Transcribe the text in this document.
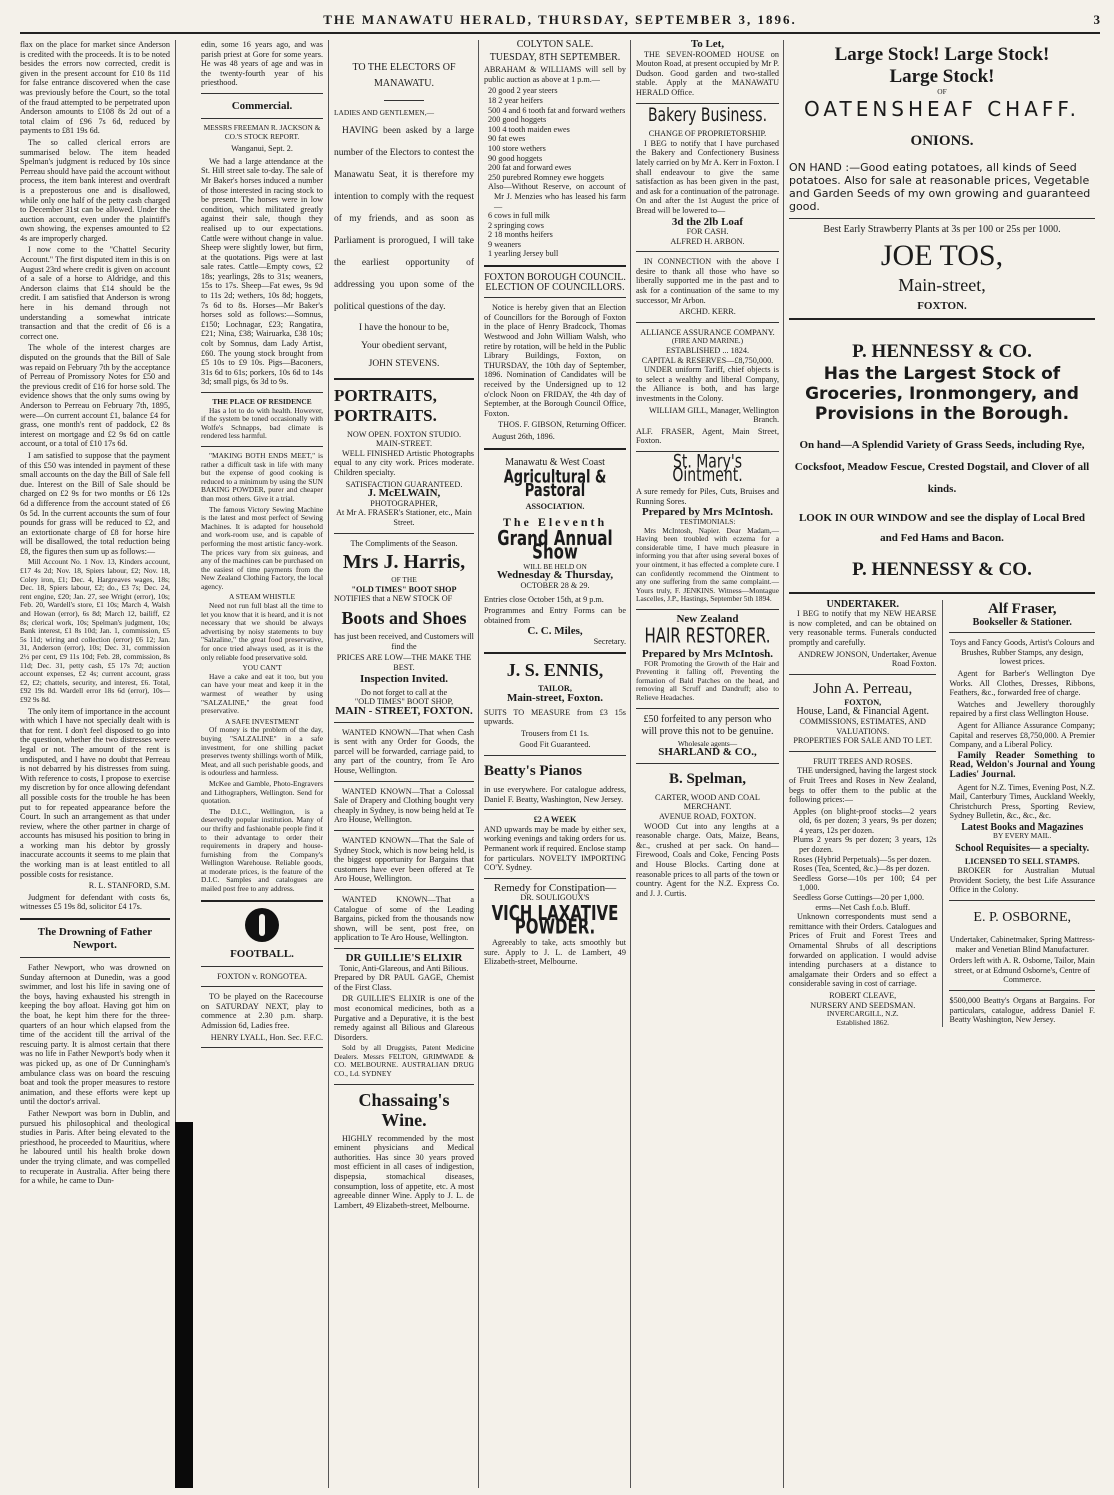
THE MANAWATU HERALD, THURSDAY, SEPTEMBER 3, 1896.	3

flax on the place for market since Anderson is credited with the proceeds. It is to be noted besides the errors now corrected, credit is given in the present account for £10 8s 11d for false entrance discovered when the case was previously before the Court, so the total of the fraud attempted to be perpetrated upon Anderson amounts to £108 8s 2d out of a total claim of £96 7s 6d, reduced by payments to £81 19s 6d.

The so called clerical errors are summarised below. The item headed Spelman's judgment is reduced by 10s since Perreau should have paid the account without process, the item bank interest and overdraft is a preposterous one and is disallowed, while only one half of the petty cash charged to December 31st can be allowed. Under the auction account, even under the plaintiff's own showing, the expenses amounted to £2 4s are improperly charged.

I now come to the "Chattel Security Account." The first disputed item in this is on August 23rd where credit is given on account of a sale of a horse to Aldridge, and this Anderson claims that £14 should be the credit. I am satisfied that Anderson is wrong here in his demand through not understanding a somewhat intricate transaction and that the credit of £6 is a correct one.

The whole of the interest charges are disputed on the grounds that the Bill of Sale was repaid on February 7th by the acceptance of Perreau of Promissory Notes for £50 and the previous credit of £16 for horse sold. The evidence shows that the only sums owing by Anderson to Perreau on February 7th, 1895, were—On current account £1, balance £4 for grass, one month's rent of paddock, £2 8s interest on mortgage and £2 9s 6d on cattle account, or a total of £10 17s 6d.

I am satisfied to suppose that the payment of this £50 was intended in payment of these small accounts on the day the Bill of Sale fell due. Interest on the Bill of Sale should be charged on £2 9s for two months or £6 12s 6d a difference from the account stated of £6 0s 5d. In the current accounts the sum of four pounds for grass will be reduced to £2, and an extortionate charge of £8 for horse hire will be disallowed, the total reduction being £8, the figures then sum up as follows:—

Mill Account No. 1 Nov. 13, Kinders account, £17 4s 2d; Nov. 18, Spiers labour, £2; Nov. 18, Coley iron, £1; Dec. 4, Hargreaves wages, 18s; Dec. 18, Spiers labour, £2; do., £3 7s; Dec. 24, rent engine, £20; Jan. 27, see Wright (error), 10s; Feb. 20, Wardell's store, £1 10s; March 4, Walsh and Howan (error), 6s 8d; March 12, bailiff, £2 8s; clerical work, 10s; Spelman's judgment, 10s; Bank interest, £1 8s 10d; Jan. 1, commission, £5 5s 11d; wiring and collection (error) £6 12; Jan. 31, Anderson (error), 10s; Dec. 31, commission 2½ per cent, £9 11s 10d; Feb. 28, commission, 8s 11d; Dec. 31, petty cash, £5 17s 7d; auction account expenses, £2 4s; current account, grass £2, £2; chattels, security, and interest, £6. Total, £92 19s 8d. Wardell error 18s 6d (error), 10s—£92 9s 8d.

The only item of importance in the account with which I have not specially dealt with is that for rent. I don't feel disposed to go into the question, whether the two distresses were legal or not. The amount of the rent is undisputed, and I have no doubt that Perreau is not debarred by his distresses from suing. With reference to costs, I propose to exercise my discretion by for once allowing defendant all possible costs for the trouble he has been put to for repeated appearance before the Court. In such an arrangement as that under review, where the other partner in charge of accounts has misused his position to bring in a working man his debtor by grossly inaccurate accounts it seems to me plain that the working man is at least entitled to all possible costs for resistance.

R. L. STANFORD, S.M.

Judgment for defendant with costs 6s, witnesses £5 19s 8d, solicitor £4 17s.

The Drowning of Father Newport.

Father Newport, who was drowned on Sunday afternoon at Dunedin, was a good swimmer, and lost his life in saving one of the boys, having exhausted his strength in keeping the boy afloat. Having got him on the boat, he kept him there for the three-quarters of an hour which elapsed from the time of the accident till the arrival of the rescuing party. It is almost certain that there was no life in Father Newport's body when it was picked up, as one of Dr Cunningham's ambulance class was on board the rescuing boat and took the proper measures to restore animation, and these efforts were kept up until the doctor's arrival.

Father Newport was born in Dublin, and pursued his philosophical and theological studies in Paris. After being elevated to the priesthood, he proceeded to Mauritius, where he laboured until his health broke down under the trying climate, and was compelled to recuperate in Australia. After being there for a while, he came to Dun-

edin, some 16 years ago, and was parish priest at Gore for some years. He was 48 years of age and was in the twenty-fourth year of his priesthood.

Commercial.
MESSRS FREEMAN R. JACKSON & CO.'S STOCK REPORT.
Wanganui, Sept. 2.

We had a large attendance at the St. Hill street sale to-day. The sale of Mr Baker's horses induced a number of those interested in racing stock to be present. The horses were in low condition, which militated greatly against their sale, though they realised up to our expectations. Cattle were without change in value. Sheep were slightly lower, but firm, at the quotations. Pigs were at last sale rates. Cattle—Empty cows, £2 18s; yearlings, 28s to 31s; weaners, 15s to 17s. Sheep—Fat ewes, 9s 9d to 11s 2d; wethers, 10s 8d; hoggets, 7s 6d to 8s. Horses—Mr Baker's horses sold as follows:—Somnus, £150; Lochnagar, £23; Rangatira, £21; Nina, £38; Wairuarka, £38 10s; colt by Somnus, dam Lady Artist, £60. The young stock brought from £5 10s to £9 10s. Pigs—Baconers, 31s 6d to 61s; porkers, 10s 6d to 14s 3d; small pigs, 6s 3d to 9s.

THE PLACE OF RESIDENCE

Has a lot to do with health. However, if the system be toned occasionally with Wolfe's Schnapps, bad climate is rendered less harmful.

"MAKING BOTH ENDS MEET," is rather a difficult task in life with many but the expense of good cooking is reduced to a minimum by using the SUN BAKING POWDER, purer and cheaper than most others. Give it a trial.

The famous Victory Sewing Machine is the latest and most perfect of Sewing Machines. It is adapted for household and work-room use, and is capable of performing the most artistic fancy-work. The prices vary from six guineas, and any of the machines can be purchased on the easiest of time payments from the New Zealand Clothing Factory, the local agency.

A STEAM WHISTLE

Need not run full blast all the time to let you know that it is heard, and it is not necessary that we should be always advertising by noisy statements to buy "Salzaline," the great food preservative, for once tried always used, as it is the only reliable food preservative sold.

YOU CAN'T

Have a cake and eat it too, but you can have your meat and keep it in the warmest of weather by using "SALZALINE," the great food preservative.

A SAFE INVESTMENT

Of money is the problem of the day, buying "SALZALINE" in a safe investment, for one shilling packet preserves twenty shillings worth of Milk, Meat, and all such perishable goods, and is odourless and harmless.

McKee and Gamble, Photo-Engravers and Lithographers, Wellington. Send for quotation.

The D.I.C., Wellington, is a deservedly popular institution. Many of our thrifty and fashionable people find it to their advantage to order their requirements in drapery and house-furnishing from the Company's Wellington Warehouse. Reliable goods, at moderate prices, is the feature of the D.I.C. Samples and catalogues are mailed post free to any address.

FOOTBALL.
FOXTON v. RONGOTEA.

TO be played on the Racecourse on SATURDAY NEXT, play to commence at 2.30 p.m. sharp. Admission 6d, Ladies free.

HENRY LYALL, Hon. Sec. F.F.C.

TO THE ELECTORS OF MANAWATU.

LADIES AND GENTLEMEN,—

HAVING been asked by a large number of the Electors to contest the Manawatu Seat, it is therefore my intention to comply with the request of my friends, and as soon as Parliament is prorogued, I will take the earliest opportunity of addressing you upon some of the political questions of the day.

I have the honour to be,

Your obedient servant,

JOHN STEVENS.

PORTRAITS, PORTRAITS.
NOW OPEN. FOXTON STUDIO. MAIN-STREET.

WELL FINISHED Artistic Photographs equal to any city work. Prices moderate. Children specialty.

SATISFACTION GUARANTEED.
J. McELWAIN,
PHOTOGRAPHER,
At Mr A. FRASER's Stationer, etc., Main Street.
The Compliments of the Season.
Mrs J. Harris,
OF THE
"OLD TIMES" BOOT SHOP

NOTIFIES that a NEW STOCK OF

Boots and Shoes

has just been received, and Customers will find the

PRICES ARE LOW—THE MAKE THE BEST.
Inspection Invited.
Do not forget to call at the
"OLD TIMES" BOOT SHOP,
MAIN - STREET, FOXTON.

WANTED KNOWN—That when Cash is sent with any Order for Goods, the parcel will be forwarded, carriage paid, to any part of the country, from Te Aro House, Wellington.

WANTED KNOWN—That a Colossal Sale of Drapery and Clothing bought very cheaply in Sydney, is now being held at Te Aro House, Wellington.

WANTED KNOWN—That the Sale of Sydney Stock, which is now being held, is the biggest opportunity for Bargains that customers have ever been offered at Te Aro House, Wellington.

WANTED KNOWN—That a Catalogue of some of the Leading Bargains, picked from the thousands now shown, will be sent, post free, on application to Te Aro House, Wellington.

DR GUILLIE'S ELIXIR
Tonic, Anti-Glareous, and Anti Bilious.

Prepared by DR PAUL GAGE, Chemist of the First Class.

DR GUILLIE'S ELIXIR is one of the most economical medicines, both as a Purgative and a Depurative, it is the best remedy against all Bilious and Glareous Disorders.

Sold by all Druggists, Patent Medicine Dealers. Messrs FELTON, GRIMWADE & CO. MELBOURNE. AUSTRALIAN DRUG CO., Ld. SYDNEY

Chassaing's Wine.

HIGHLY recommended by the most eminent physicians and Medical authorities. Has since 30 years proved most efficient in all cases of indigestion, dispepsia, stomachical diseases, consumption, loss of appetite, etc. A most agreeable dinner Wine. Apply to J. L. de Lambert, 49 Elizabeth-street, Melbourne.

COLYTON SALE.
TUESDAY, 8TH SEPTEMBER.

ABRAHAM & WILLIAMS will sell by public auction as above at 1 p.m.—

20 good 2 year steers
18 2 year heifers
500 4 and 6 tooth fat and forward wethers
200 good hoggets
100 4 tooth maiden ewes
90 fat ewes
100 store wethers
90 good hoggets
200 fat and forward ewes
250 purebred Romney ewe hoggets
Also—Without Reserve, on account of Mr J. Menzies who has leased his farm—
6 cows in full milk
2 springing cows
2 18 months heifers
9 weaners
1 yearling Jersey bull
FOXTON BOROUGH COUNCIL. ELECTION OF COUNCILLORS.

Notice is hereby given that an Election of Councillors for the Borough of Foxton in the place of Henry Bradcock, Thomas Westwood and John William Walsh, who retire by rotation, will be held in the Public Library Buildings, Foxton, on THURSDAY, the 10th day of September, 1896. Nomination of Candidates will be received by the Undersigned up to 12 o'clock Noon on FRIDAY, the 4th day of September, at the Borough Council Office, Foxton.

THOS. F. GIBSON, Returning Officer.

August 26th, 1896.

Manawatu & West Coast
Agricultural & Pastoral
ASSOCIATION.
The Eleventh
Grand Annual Show
WILL BE HELD ON
Wednesday & Thursday,
OCTOBER 28 & 29.

Entries close October 15th, at 9 p.m.

Programmes and Entry Forms can be obtained from

C. C. Miles,
Secretary.
J. S. ENNIS,
TAILOR,
Main-street, Foxton.

SUITS TO MEASURE from £3 15s upwards.

Trousers from £1 1s.

Good Fit Guaranteed.

Beatty's Pianos

in use everywhere. For catalogue address, Daniel F. Beatty, Washington, New Jersey.

£2 A WEEK

AND upwards may be made by either sex, working evenings and taking orders for us. Permanent work if required. Enclose stamp for particulars. NOVELTY IMPORTING CO'Y. Sydney.

Remedy for Constipation—
DR. SOULIGOUX'S
VICH LAXATIVE POWDER.

Agreeably to take, acts smoothly but sure. Apply to J. L. de Lambert, 49 Elizabeth-street, Melbourne.

To Let,

THE SEVEN-ROOMED HOUSE on Mouton Road, at present occupied by Mr P. Dudson. Good garden and two-stalled stable. Apply at the MANAWATU HERALD Office.

Bakery Business.
CHANGE OF PROPRIETORSHIP.

I BEG to notify that I have purchased the Bakery and Confectionery Business lately carried on by Mr A. Kerr in Foxton. I shall endeavour to give the same satisfaction as has been given in the past, and ask for a continuation of the patronage. On and after the 1st August the price of Bread will be lowered to—

3d the 2lb Loaf
FOR CASH.
ALFRED H. ARBON.

IN CONNECTION with the above I desire to thank all those who have so liberally supported me in the past and to ask for a continuation of the same to my successor, Mr Arbon.

ARCHD. KERR.
ALLIANCE ASSURANCE COMPANY.
(FIRE AND MARINE.)
ESTABLISHED ... 1824.
CAPITAL & RESERVES—£8,750,000.

UNDER uniform Tariff, chief objects is to select a wealthy and liberal Company, the Alliance is both, and has large investments in the Colony.

WILLIAM GILL, Manager, Wellington Branch.

ALF. FRASER, Agent, Main Street, Foxton.

St. Mary's Ointment.

A sure remedy for Piles, Cuts, Bruises and Running Sores.

Prepared by Mrs McIntosh.
TESTIMONIALS:

Mrs McIntosh, Napier. Dear Madam,—Having been troubled with eczema for a considerable time, I have much pleasure in informing you that after using several boxes of your ointment, it has effected a complete cure. I can confidently recommend the Ointment to any one suffering from the same complaint.—Yours truly, F. JENKINS. Witness—Montague Lascelles, J.P., Hastings, September 5th 1894.

New Zealand
HAIR RESTORER.
Prepared by Mrs McIntosh.

FOR Promoting the Growth of the Hair and Preventing it falling off, Preventing the formation of Bald Patches on the head, and removing all Scruff and Dandruff; also to Relieve Headaches.

£50 forfeited to any person who will prove this not to be genuine.

Wholesale agents—
SHARLAND & CO.,
B. Spelman,
CARTER, WOOD AND COAL MERCHANT.
AVENUE ROAD, FOXTON.

WOOD Cut into any lengths at a reasonable charge. Oats, Maize, Beans, &c., crushed at per sack. On hand—Firewood, Coals and Coke, Fencing Posts and House Blocks. Carting done at reasonable prices to all parts of the town or country. Agent for the N.Z. Express Co. and J. J. Curtis.

Large Stock! Large Stock!
Large Stock!
OF
OATENSHEAF CHAFF.
ONIONS.

ON HAND :—Good eating potatoes, all kinds of Seed potatoes. Also for sale at reasonable prices, Vegetable and Garden Seeds of my own growing and guaranteed good.

Best Early Strawberry Plants at 3s per 100 or 25s per 1000.

JOE TOS,
Main-street,
FOXTON.
P. HENNESSY & CO.
Has the Largest Stock of Groceries, Ironmongery, and Provisions in the Borough.

On hand—A Splendid Variety of Grass Seeds, including Rye, Cocksfoot, Meadow Fescue, Crested Dogstail, and Clover of all kinds.

LOOK IN OUR WINDOW and see the display of Local Bred and Fed Hams and Bacon.

P. HENNESSY & CO.
UNDERTAKER.

I BEG to notify that my NEW HEARSE is now completed, and can be obtained on very reasonable terms. Funerals conducted promptly and carefully.

ANDREW JONSON, Undertaker, Avenue Road Foxton.

John A. Perreau,
FOXTON,
House, Land, & Financial Agent.
COMMISSIONS, ESTIMATES, AND VALUATIONS.
PROPERTIES FOR SALE AND TO LET.
FRUIT TREES AND ROSES.

THE undersigned, having the largest stock of Fruit Trees and Roses in New Zealand, begs to offer them to the public at the following prices:—

Apples (on blight-proof stocks—2 years old, 6s per dozen; 3 years, 9s per dozen; 4 years, 12s per dozen.
Plums 2 years 9s per dozen; 3 years, 12s per dozen.
Roses (Hybrid Perpetuals)—5s per dozen.
Roses (Tea, Scented, &c.)—8s per dozen.
Seedless Gorse—10s per 100; £4 per 1,000.
Seedless Gorse Cuttings—20 per 1,000.
erms—Net Cash f.o.b. Bluff.

Unknown correspondents must send a remittance with their Orders. Catalogues and Prices of Fruit and Forest Trees and Ornamental Shrubs of all descriptions forwarded on application. I would advise intending purchasers at a distance to amalgamate their Orders and so effect a considerable saving in cost of carriage.

ROBERT CLEAVE,
NURSERY AND SEEDSMAN.
INVERCARGILL, N.Z.
Established 1862.
Alf Fraser,
Bookseller & Stationer.

Toys and Fancy Goods, Artist's Colours and Brushes, Rubber Stamps, any design, lowest prices.

Agent for Barber's Wellington Dye Works. All Clothes, Dresses, Ribbons, Feathers, &c., forwarded free of charge.

Watches and Jewellery thoroughly repaired by a first class Wellington House.

Agent for Alliance Assurance Company; Capital and reserves £8,750,000. A Premier Company, and a Liberal Policy.

Family Reader Something to Read, Weldon's Journal and Young Ladies' Journal.

Agent for N.Z. Times, Evening Post, N.Z. Mail, Canterbury Times, Auckland Weekly, Christchurch Press, Sporting Review, Sydney Bulletin, &c., &c., &c.

Latest Books and Magazines
BY EVERY MAIL.
School Requisites— a specialty.
LICENSED TO SELL STAMPS.

BROKER for Australian Mutual Provident Society, the best Life Assurance Office in the Colony.

E. P. OSBORNE,

Undertaker, Cabinetmaker, Spring Mattress-maker and Venetian Blind Manufacturer.

Orders left with A. R. Osborne, Tailor, Main street, or at Edmund Osborne's, Centre of Commerce.

$500,000 Beatty's Organs at Bargains. For particulars, catalogue, address Daniel F. Beatty Washington, New Jersey.
